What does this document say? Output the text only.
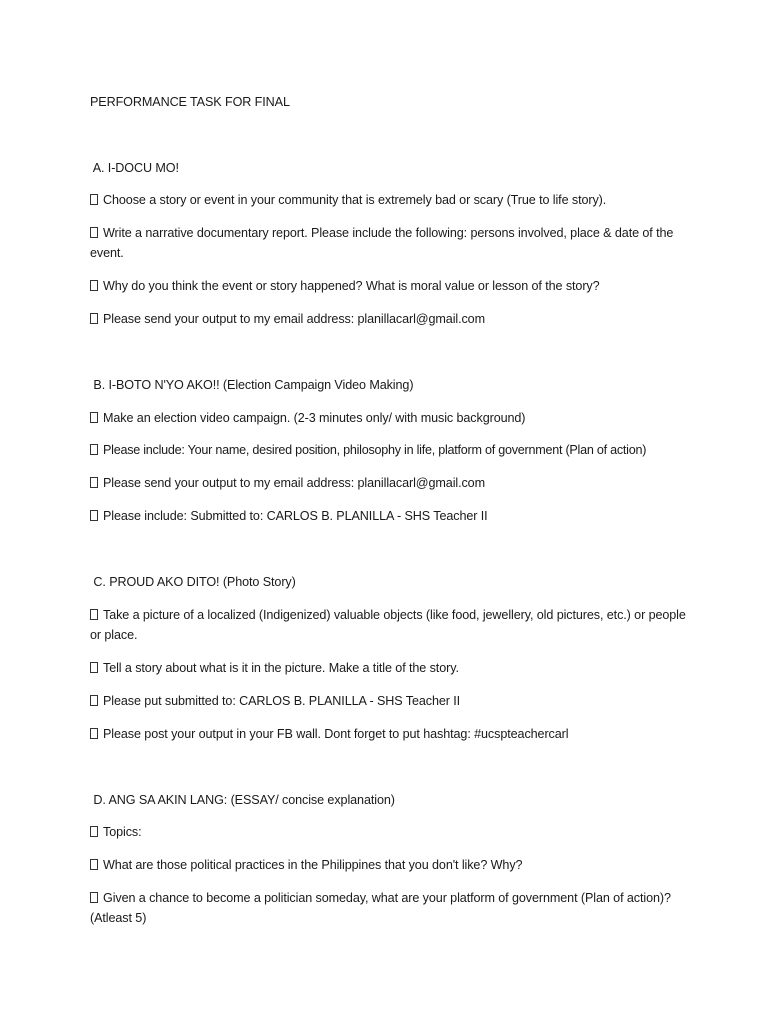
PERFORMANCE TASK FOR FINAL
A. I-DOCU MO!
Choose a story or event in your community that is extremely bad or scary (True to life story).
Write a narrative documentary report. Please include the following: persons involved, place & date of the event.
Why do you think the event or story happened? What is moral value or lesson of the story?
Please send your output to my email address: planillacarl@gmail.com
B. I-BOTO N'YO AKO!! (Election Campaign Video Making)
Make an election video campaign. (2-3 minutes only/ with music background)
Please include: Your name, desired position, philosophy in life, platform of government (Plan of action)
Please send your output to my email address: planillacarl@gmail.com
Please include: Submitted to: CARLOS B. PLANILLA - SHS Teacher II
C. PROUD AKO DITO! (Photo Story)
Take a picture of a localized (Indigenized) valuable objects (like food, jewellery, old pictures, etc.) or people or place.
Tell a story about what is it in the picture. Make a title of the story.
Please put submitted to: CARLOS B. PLANILLA - SHS Teacher II
Please post your output in your FB wall. Dont forget to put hashtag: #ucspteachercarl
D. ANG SA AKIN LANG: (ESSAY/ concise explanation)
Topics:
What are those political practices in the Philippines that you don't like? Why?
Given a chance to become a politician someday, what are your platform of government (Plan of action)? (Atleast 5)
